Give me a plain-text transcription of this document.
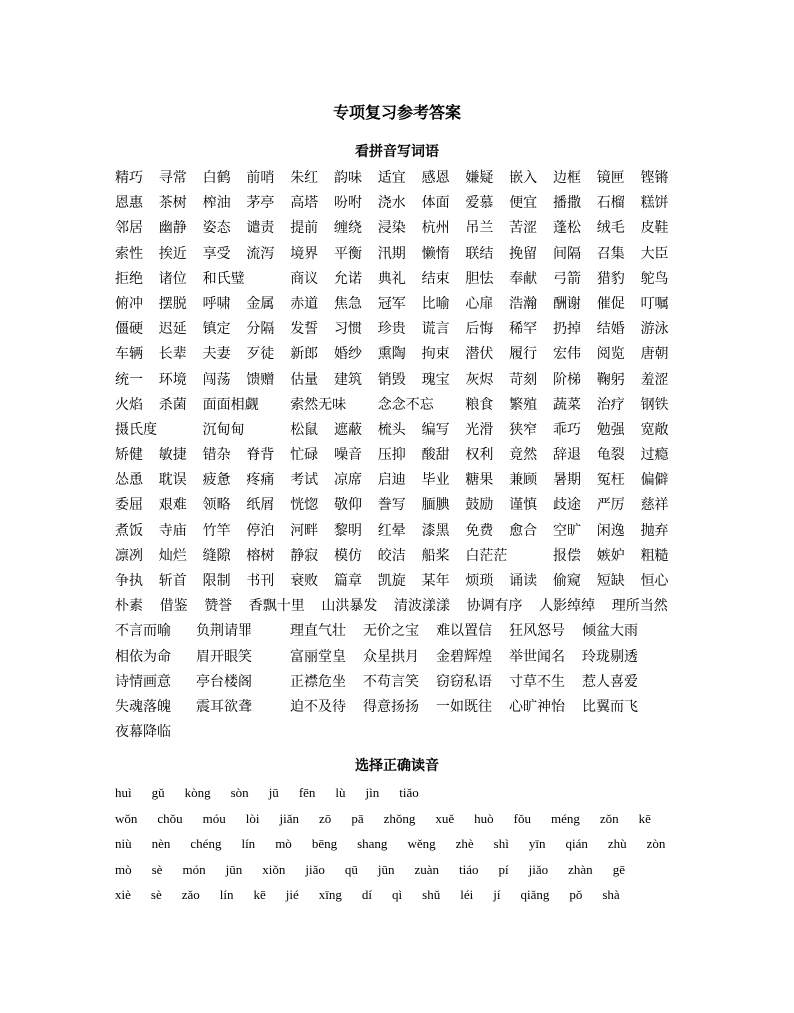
专项复习参考答案
看拼音写词语
精巧	寻常	白鹤	前哨	朱红	韵味	适宜	感恩	嫌疑	嵌入	边框	镜匣	铿锵
恩惠	茶树	榨油	茅亭	高塔	吩咐	浇水	体面	爱慕	便宜	播撒	石榴	糕饼
邻居	幽静	姿态	谴责	提前	缠绕	浸染	杭州	吊兰	苦涩	蓬松	绒毛	皮鞋
索性	挨近	享受	流泻	境界	平衡	汛期	懒惰	联结	挽留	间隔	召集	大臣
拒绝	诸位	和氏璧	商议	允诺	典礼	结束	胆怯	奉献	弓箭	猎豹	鸵鸟
俯冲	摆脱	呼啸	金属	赤道	焦急	冠军	比喻	心扉	浩瀚	酬谢	催促	叮嘱
僵硬	迟延	镇定	分隔	发誓	习惯	珍贵	谎言	后悔	稀罕	扔掉	结婚	游泳
车辆	长辈	夫妻	歹徒	新郎	婚纱	熏陶	拘束	潜伏	履行	宏伟	阅览	唐朝
统一	环境	闯荡	馈赠	估量	建筑	销毁	瑰宝	灰烬	苛刻	阶梯	鞠躬	羞涩
火焰	杀菌	面面相觑	索然无味	念念不忘	粮食	繁殖	蔬菜	治疗	钢铁
摄氏度	沉甸甸	松鼠	遮蔽	梳头	编写	光滑	狭窄	乖巧	勉强	宽敞
矫健	敏捷	错杂	脊背	忙碌	噪音	压抑	酸甜	权利	竟然	辞退	龟裂	过瘾
怂恿	耽误	疲惫	疼痛	考试	凉席	启迪	毕业	糖果	兼顾	暑期	冤枉	偏僻
委屈	艰难	领略	纸屑	恍惚	敬仰	誊写	腼腆	鼓励	谨慎	歧途	严厉	慈祥
煮饭	寺庙	竹竿	停泊	河畔	黎明	红晕	漆黑	免费	愈合	空旷	闲逸	抛弃
凛冽	灿烂	缝隙	榕树	静寂	模仿	皎洁	船桨	白茫茫	报偿	嫉妒	粗糙
争执	斩首	限制	书刊	衰败	篇章	凯旋	某年	烦琐	诵读	偷窥	短缺	恒心
朴素 借鉴 赞誉 香飘十里 山洪暴发 清波漾漾 协调有序 人影绰绰 理所当然
不言而喻 负荆请罪	理直气壮 无价之宝 难以置信 狂风怒号 倾盆大雨
相依为命 眉开眼笑	富丽堂皇 众星拱月 金碧辉煌 举世闻名 玲珑剔透
诗情画意 亭台楼阁	正襟危坐 不苟言笑 窃窃私语 寸草不生 惹人喜爱
失魂落魄 震耳欲聋	迫不及待 得意扬扬 一如既往 心旷神怡 比翼而飞
夜幕降临
选择正确读音
huì gǔ kòng sòn jū fēn lù jìn tiǎo
wǒn chǒu móu lòi jiǎn zō pā zhǒng xuě huò fǒu méng zǒn kē
niù nèn chéng lín mò bēng shang wěng zhè shì yīn qián zhù zòn
mò sè món jūn xiǒn jiǎo qū jūn zuàn tiáo pí jiǎo zhàn gē
xiè sè zǎo lín kē jié xīng dí qì shǔ léi jí qiǎng pǒ shà
